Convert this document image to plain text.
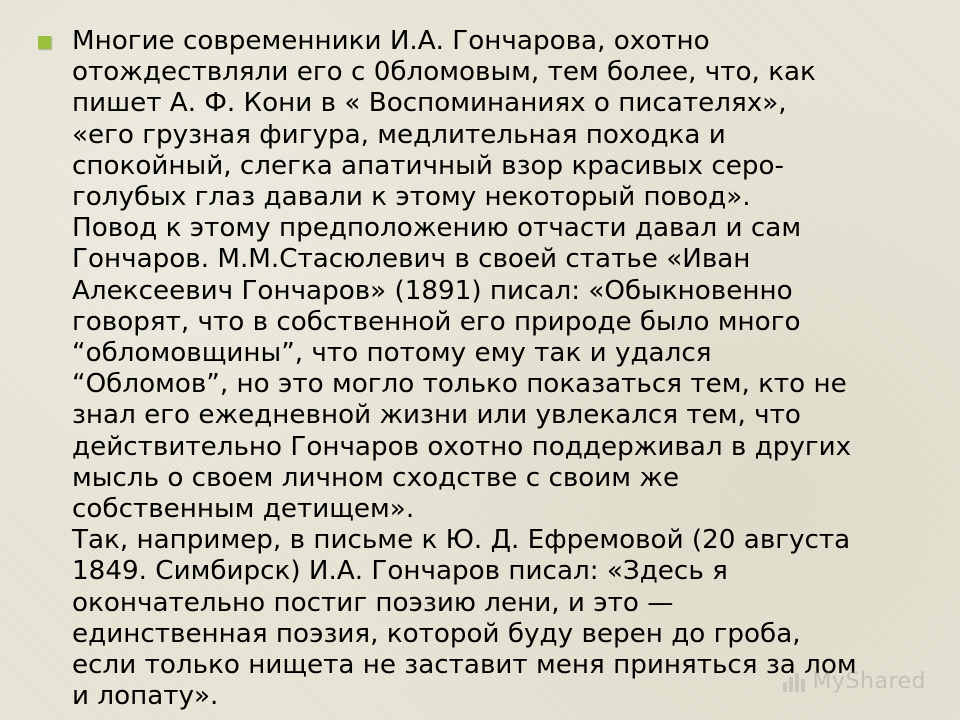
Многие современники И.А. Гончарова, охотно
отождествляли его с 0бломовым, тем более, что, как
пишет А. Ф. Кони в « Воспоминаниях о писателях»,
«его грузная фигура, медлительная походка и
спокойный, слегка апатичный взор красивых серо-
голубых глаз давали к этому некоторый повод».
Повод к этому предположению отчасти давал и сам
Гончаров. М.М.Стасюлевич в своей статье «Иван
Алексеевич Гончаров» (1891) писал: «Обыкновенно
говорят, что в собственной его природе было много
“обломовщины”, что потому ему так и удался
“Обломов”, но это могло только показаться тем, кто не
знал его ежедневной жизни или увлекался тем, что
действительно Гончаров охотно поддерживал в других
мысль о своем личном сходстве с своим же
собственным детищем».
Так, например, в письме к Ю. Д. Ефремовой (20 августа
1849. Симбирск) И.А. Гончаров писал: «Здесь я
окончательно постиг поэзию лени, и это —
единственная поэзия, которой буду верен до гроба,
если только нищета не заставит меня приняться за лом
и лопату».
MyShared
